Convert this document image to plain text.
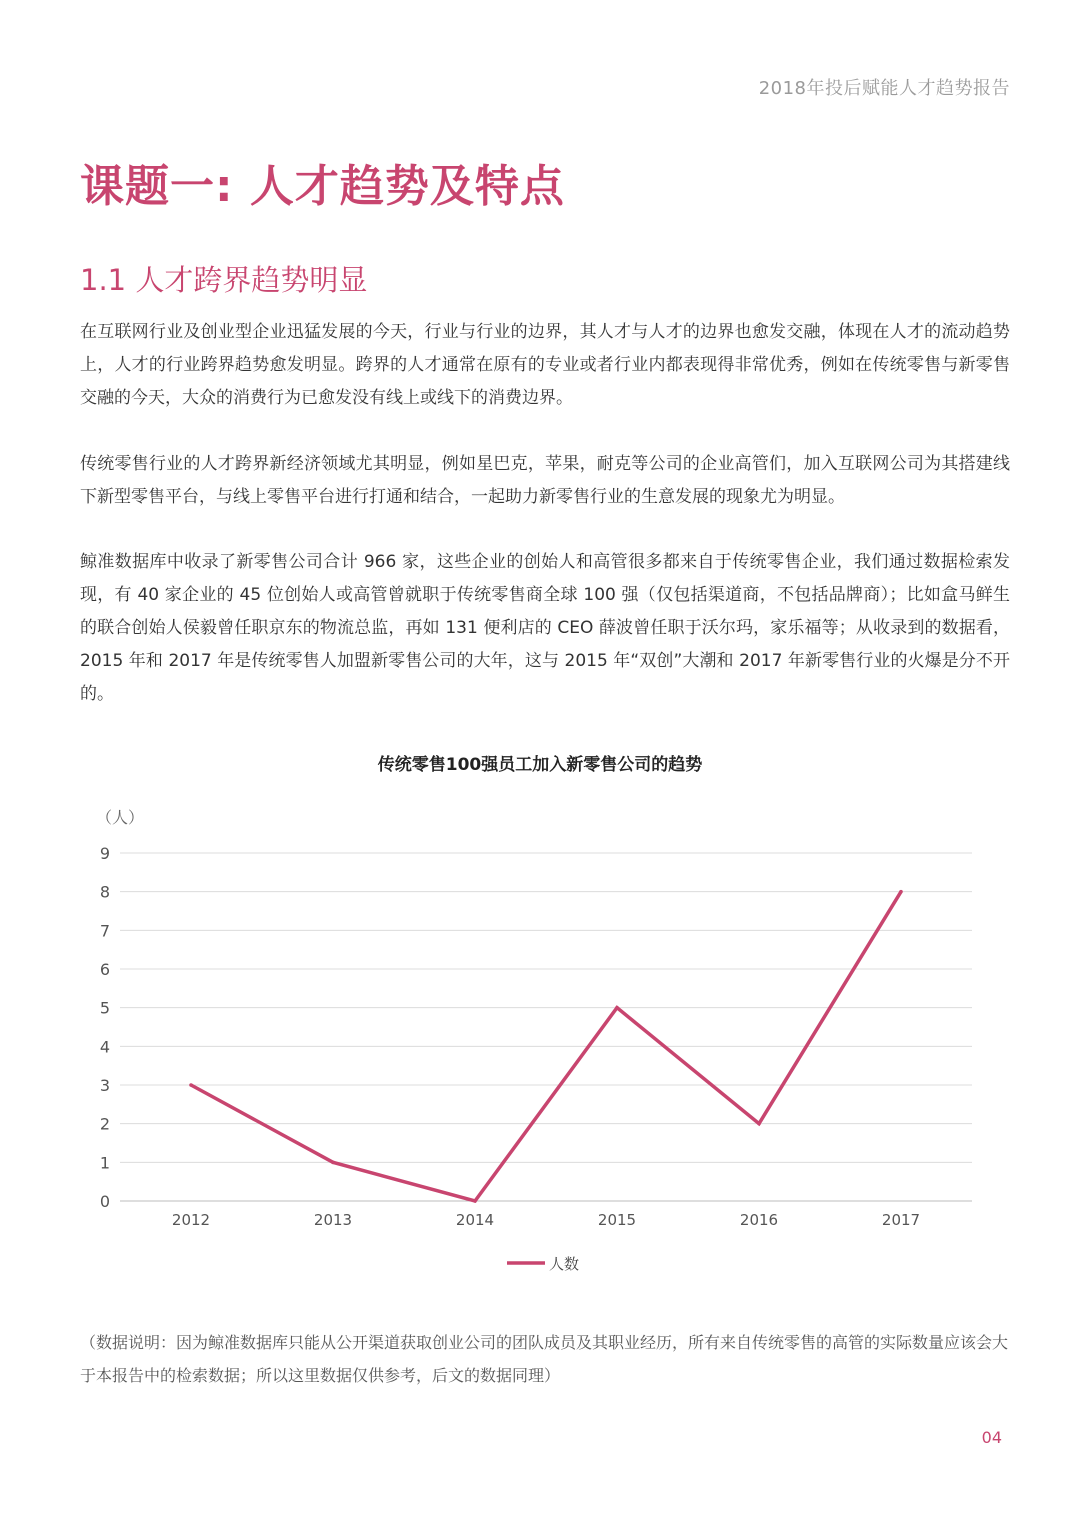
2018年投后赋能人才趋势报告
课题一: 人才趋势及特点
1.1 人才跨界趋势明显

在互联网行业及创业型企业迅猛发展的今天，行业与行业的边界，其人才与人才的边界也愈发交融，体现在人才的流动趋势上，人才的行业跨界趋势愈发明显。跨界的人才通常在原有的专业或者行业内都表现得非常优秀，例如在传统零售与新零售交融的今天，大众的消费行为已愈发没有线上或线下的消费边界。

传统零售行业的人才跨界新经济领域尤其明显，例如星巴克，苹果，耐克等公司的企业高管们，加入互联网公司为其搭建线下新型零售平台，与线上零售平台进行打通和结合，一起助力新零售行业的生意发展的现象尤为明显。

鲸准数据库中收录了新零售公司合计 966 家，这些企业的创始人和高管很多都来自于传统零售企业，我们通过数据检索发现，有 40 家企业的 45 位创始人或高管曾就职于传统零售商全球 100 强（仅包括渠道商，不包括品牌商）；比如盒马鲜生的联合创始人侯毅曾任职京东的物流总监，再如 131 便利店的 CEO 薛波曾任职于沃尔玛，家乐福等；从收录到的数据看，2015 年和 2017 年是传统零售人加盟新零售公司的大年，这与 2015 年“双创”大潮和 2017 年新零售行业的火爆是分不开的。

传统零售100强员工加入新零售公司的趋势
（人）
0
1
2
3
4
5
6
7
8
9
2012	2013	2014	2015	2016	2017
人数
（数据说明：因为鲸准数据库只能从公开渠道获取创业公司的团队成员及其职业经历，所有来自传统零售的高管的实际数量应该会大于本报告中的检索数据；所以这里数据仅供参考，后文的数据同理）
04
